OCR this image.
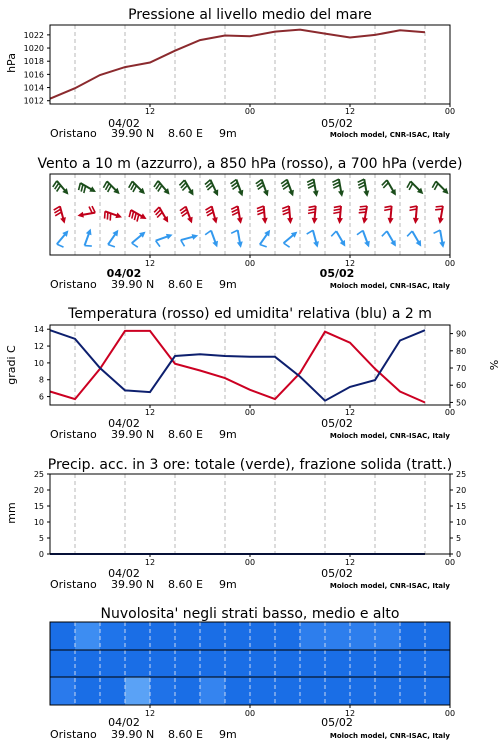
Pressione al livello medio del mare
hPa
1012
1014
1016
1018
1020
1022
12	00	12	00
04/02	05/02
Oristano 39.90 N 8.60 E 9m	Moloch model, CNR-ISAC, Italy
Vento a 10 m (azzurro), a 850 hPa (rosso), a 700 hPa (verde)
12	00	12	00
04/02	05/02
Oristano 39.90 N 8.60 E 9m	Moloch model, CNR-ISAC, Italy
Temperatura (rosso) ed umidita' relativa (blu) a 2 m
gradi C	%
6
8
10
12
14
50
60
70
80
90
12	00	12	00
04/02	05/02
Oristano 39.90 N 8.60 E 9m	Moloch model, CNR-ISAC, Italy
Precip. acc. in 3 ore: totale (verde), frazione solida (tratt.)
mm
0
5
10
15
20
25
0
5
10
15
20
25
12	00	12	00
04/02	05/02
Oristano 39.90 N 8.60 E 9m	Moloch model, CNR-ISAC, Italy
Nuvolosita' negli strati basso, medio e alto
12	00	12	00
04/02	05/02
Oristano 39.90 N 8.60 E 9m	Moloch model, CNR-ISAC, Italy
